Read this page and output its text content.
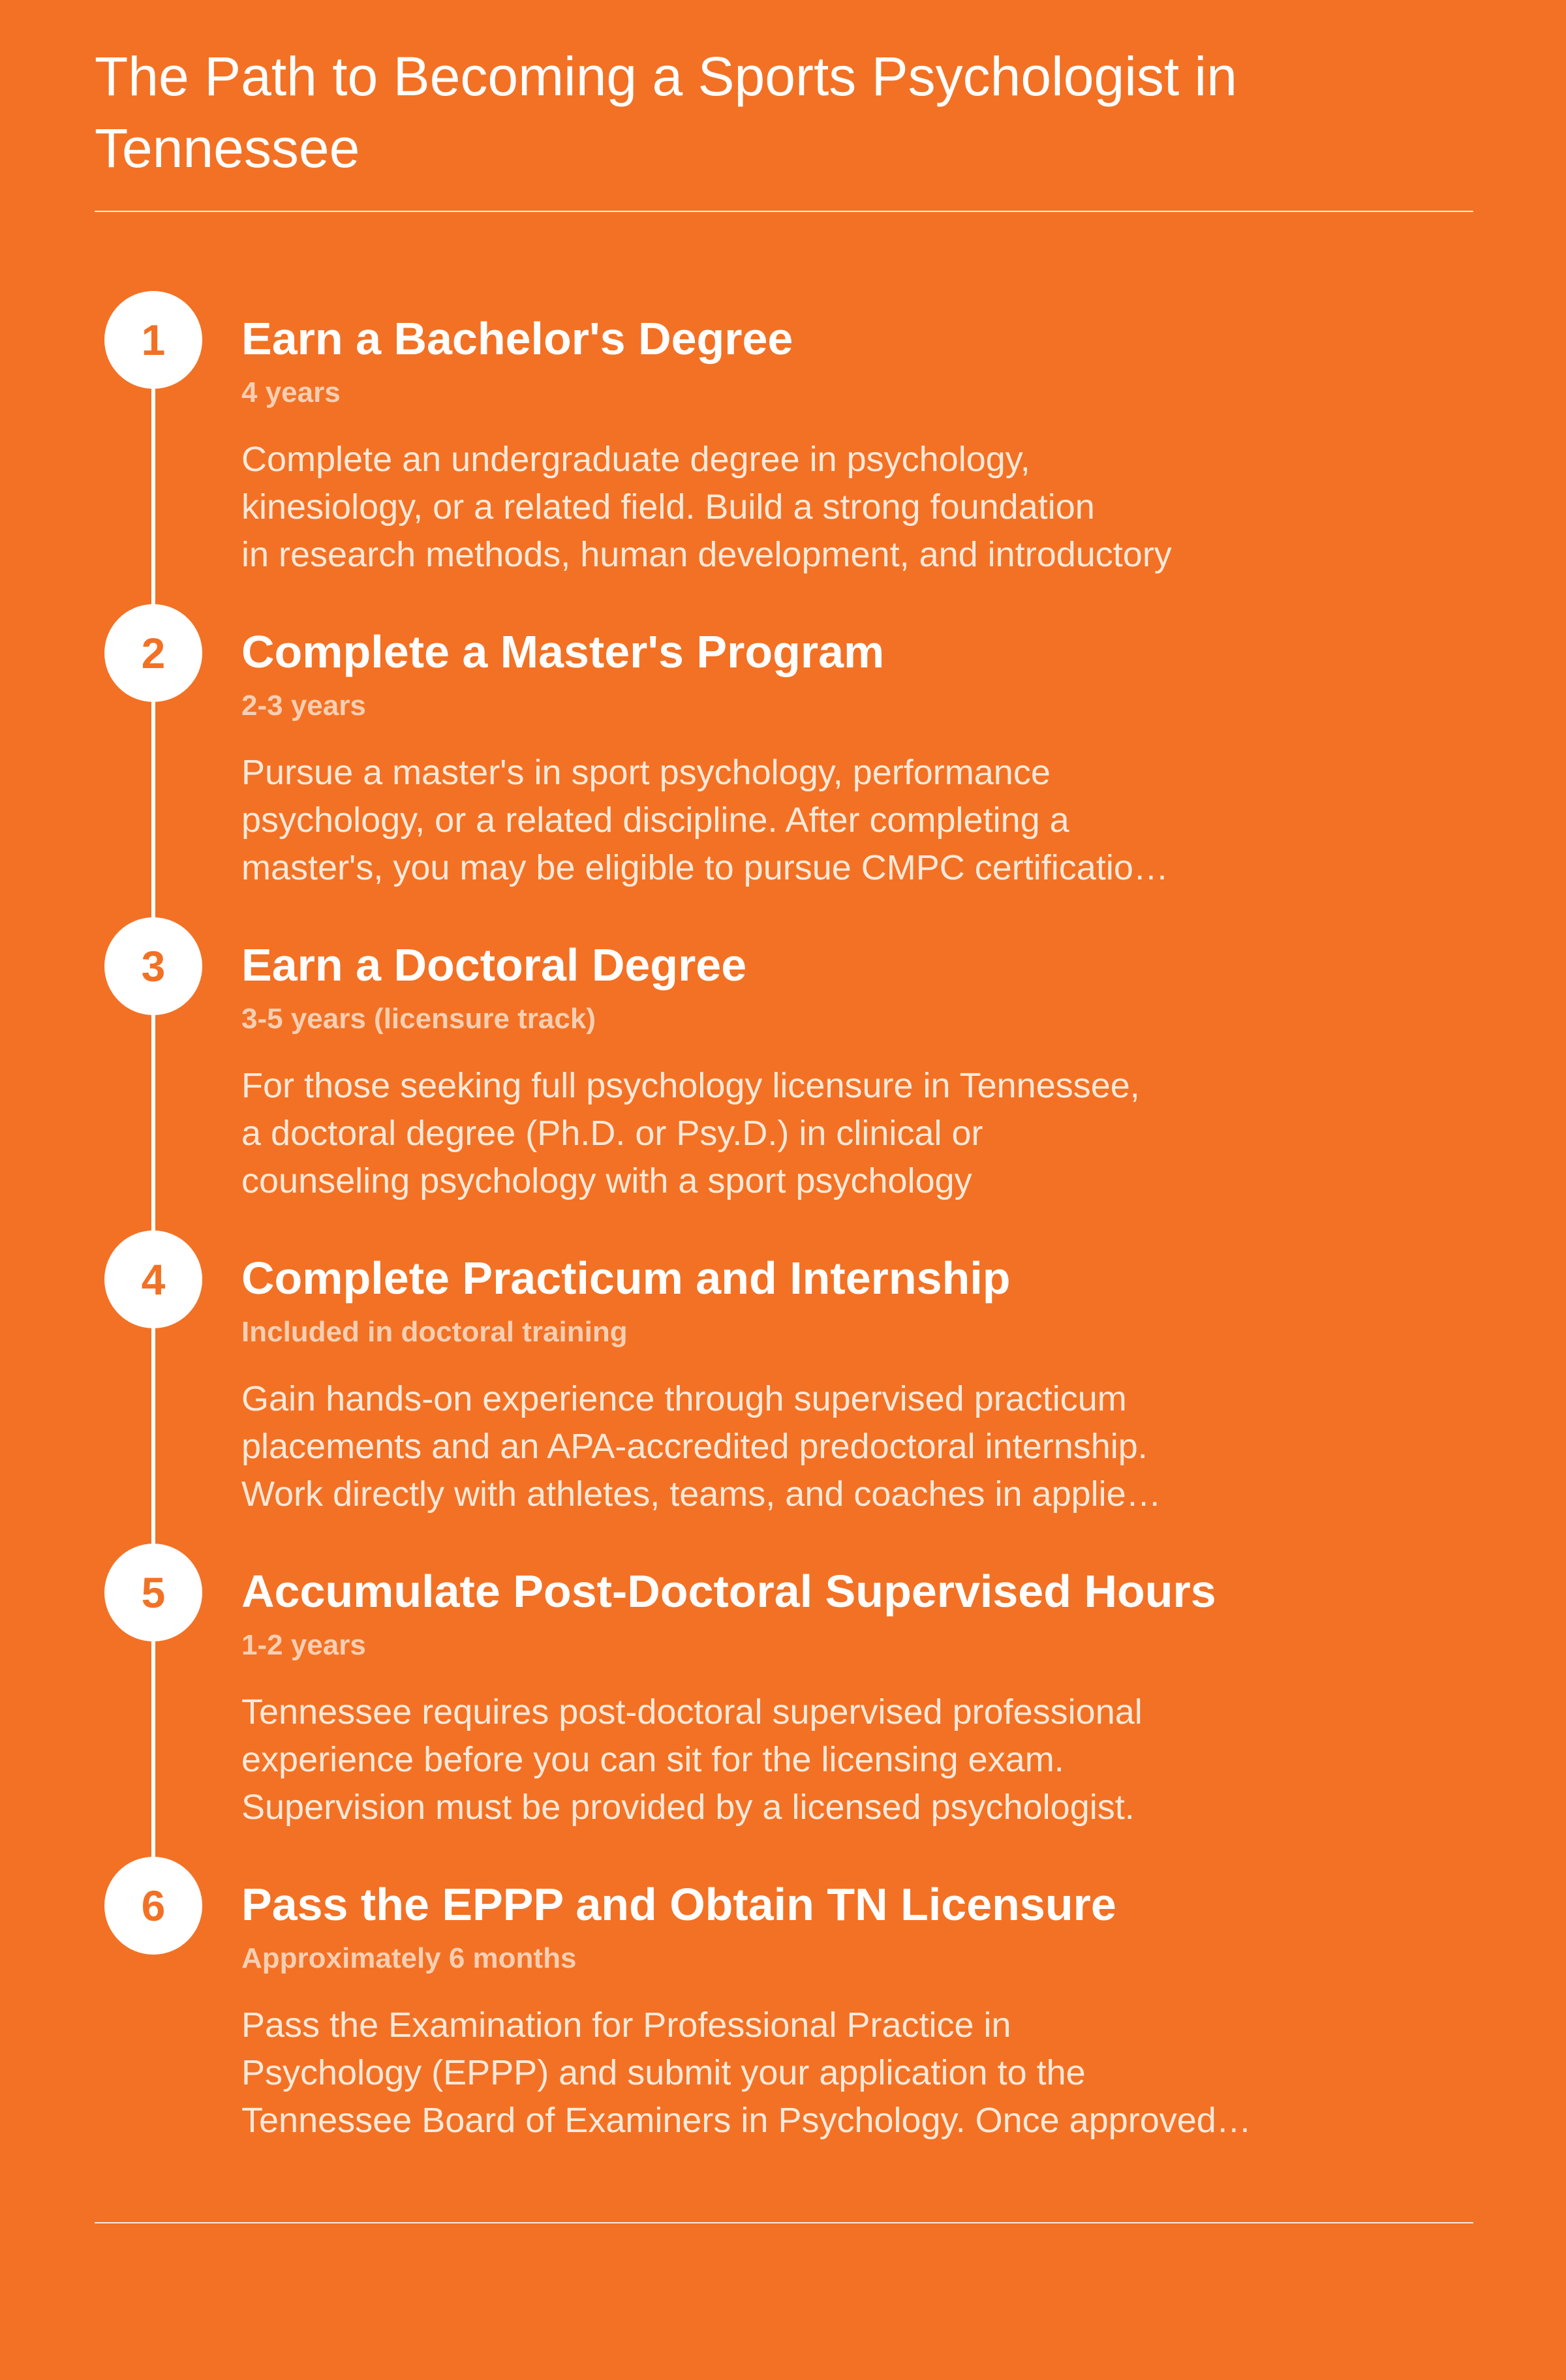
The Path to Becoming a Sports Psychologist in Tennessee
1	Earn a Bachelor's Degree
4 years
Complete an undergraduate degree in psychology,
kinesiology, or a related field. Build a strong foundation
in research methods, human development, and introductory
2	Complete a Master's Program
2-3 years
Pursue a master's in sport psychology, performance
psychology, or a related discipline. After completing a
master's, you may be eligible to pursue CMPC certificatio…
3	Earn a Doctoral Degree
3-5 years (licensure track)
For those seeking full psychology licensure in Tennessee,
a doctoral degree (Ph.D. or Psy.D.) in clinical or
counseling psychology with a sport psychology
4	Complete Practicum and Internship
Included in doctoral training
Gain hands-on experience through supervised practicum
placements and an APA-accredited predoctoral internship.
Work directly with athletes, teams, and coaches in applie…
5	Accumulate Post-Doctoral Supervised Hours
1-2 years
Tennessee requires post-doctoral supervised professional
experience before you can sit for the licensing exam.
Supervision must be provided by a licensed psychologist.
6	Pass the EPPP and Obtain TN Licensure
Approximately 6 months
Pass the Examination for Professional Practice in
Psychology (EPPP) and submit your application to the
Tennessee Board of Examiners in Psychology. Once approved…
